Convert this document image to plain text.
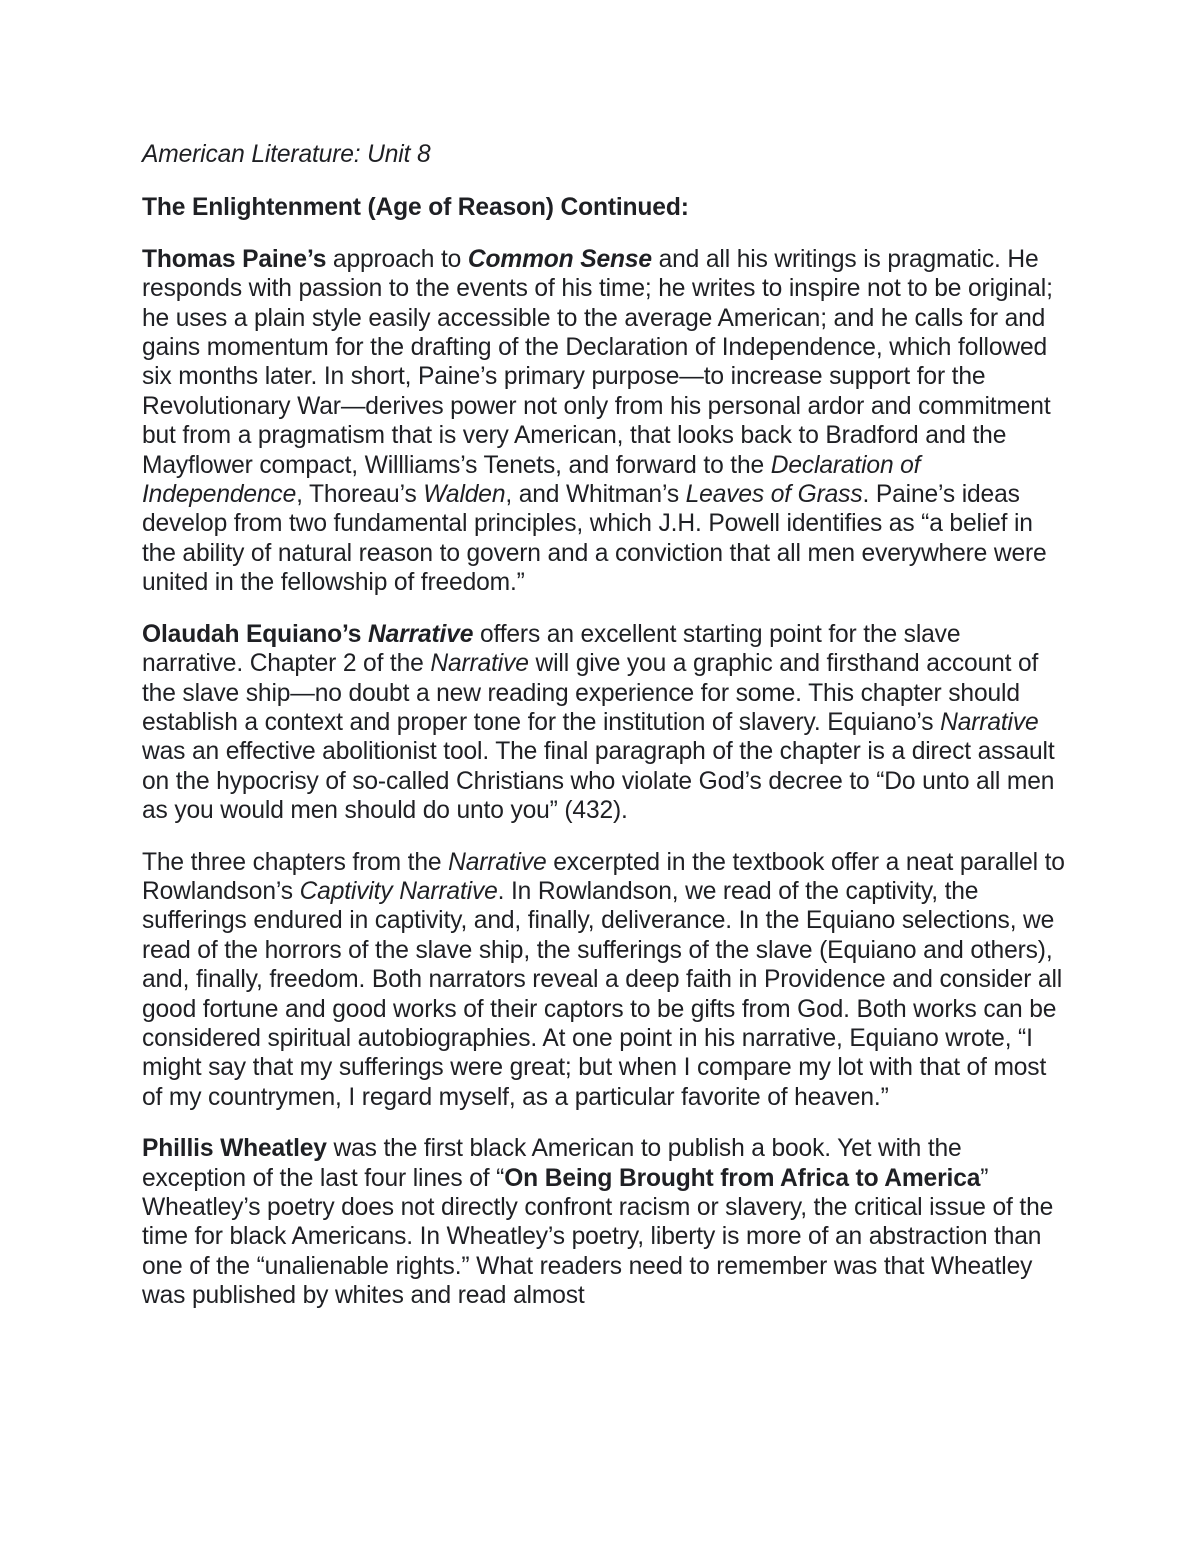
American Literature: Unit 8
The Enlightenment (Age of Reason) Continued:

Thomas Paine’s approach to Common Sense and all his writings is pragmatic. He responds with passion to the events of his time; he writes to inspire not to be original; he uses a plain style easily accessible to the average American; and he calls for and gains momentum for the drafting of the Declaration of Independence, which followed six months later. In short, Paine’s primary purpose—to increase support for the Revolutionary War—derives power not only from his personal ardor and commitment but from a pragmatism that is very American, that looks back to Bradford and the Mayflower compact, Willliams’s Tenets, and forward to the Declaration of Independence, Thoreau’s Walden, and Whitman’s Leaves of Grass. Paine’s ideas develop from two fundamental principles, which J.H. Powell identifies as “a belief in the ability of natural reason to govern and a conviction that all men everywhere were united in the fellowship of freedom.”

Olaudah Equiano’s Narrative offers an excellent starting point for the slave narrative. Chapter 2 of the Narrative will give you a graphic and firsthand account of the slave ship—no doubt a new reading experience for some. This chapter should establish a context and proper tone for the institution of slavery. Equiano’s Narrative was an effective abolitionist tool. The final paragraph of the chapter is a direct assault on the hypocrisy of so-called Christians who violate God’s decree to “Do unto all men as you would men should do unto you” (432).

The three chapters from the Narrative excerpted in the textbook offer a neat parallel to Rowlandson’s Captivity Narrative. In Rowlandson, we read of the captivity, the sufferings endured in captivity, and, finally, deliverance. In the Equiano selections, we read of the horrors of the slave ship, the sufferings of the slave (Equiano and others), and, finally, freedom. Both narrators reveal a deep faith in Providence and consider all good fortune and good works of their captors to be gifts from God. Both works can be considered spiritual autobiographies. At one point in his narrative, Equiano wrote, “I might say that my sufferings were great; but when I compare my lot with that of most of my countrymen, I regard myself, as a particular favorite of heaven.”

Phillis Wheatley was the first black American to publish a book. Yet with the exception of the last four lines of “On Being Brought from Africa to America” Wheatley’s poetry does not directly confront racism or slavery, the critical issue of the time for black Americans. In Wheatley’s poetry, liberty is more of an abstraction than one of the “unalienable rights.” What readers need to remember was that Wheatley was published by whites and read almost
